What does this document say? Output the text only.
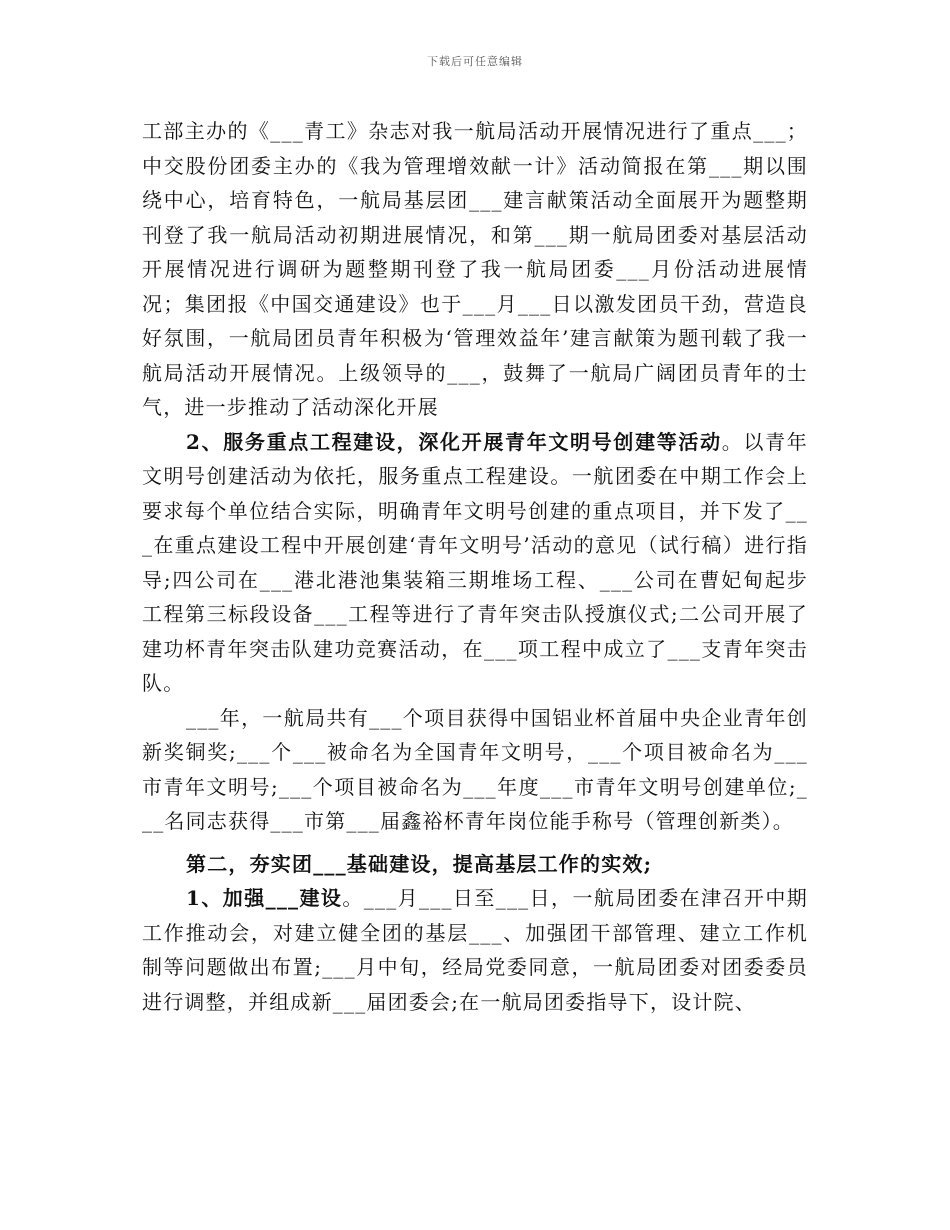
下载后可任意编辑

工部主办的《___青工》杂志对我一航局活动开展情况进行了重点___；中交股份团委主办的《我为管理增效献一计》活动简报在第___期以围绕中心，培育特色，一航局基层团___建言献策活动全面展开为题整期刊登了我一航局活动初期进展情况，和第___期一航局团委对基层活动开展情况进行调研为题整期刊登了我一航局团委___月份活动进展情况；集团报《中国交通建设》也于___月___日以激发团员干劲，营造良好氛围，一航局团员青年积极为‘管理效益年’建言献策为题刊载了我一航局活动开展情况。上级领导的___，鼓舞了一航局广阔团员青年的士气，进一步推动了活动深化开展

2、服务重点工程建设，深化开展青年文明号创建等活动。以青年文明号创建活动为依托，服务重点工程建设。一航团委在中期工作会上要求每个单位结合实际，明确青年文明号创建的重点项目，并下发了___在重点建设工程中开展创建‘青年文明号’活动的意见（试行稿）进行指导;四公司在___港北港池集装箱三期堆场工程、___公司在曹妃甸起步工程第三标段设备___工程等进行了青年突击队授旗仪式;二公司开展了建功杯青年突击队建功竞赛活动，在___项工程中成立了___支青年突击队。

___年，一航局共有___个项目获得中国铝业杯首届中央企业青年创新奖铜奖;___个___被命名为全国青年文明号，___个项目被命名为___市青年文明号;___个项目被命名为___年度___市青年文明号创建单位;___名同志获得___市第___届鑫裕杯青年岗位能手称号（管理创新类）。

第二，夯实团___基础建设，提高基层工作的实效;

1、加强___建设。___月___日至___日，一航局团委在津召开中期工作推动会，对建立健全团的基层___、加强团干部管理、建立工作机制等问题做出布置;___月中旬，经局党委同意，一航局团委对团委委员进行调整，并组成新___届团委会;在一航局团委指导下，设计院、
